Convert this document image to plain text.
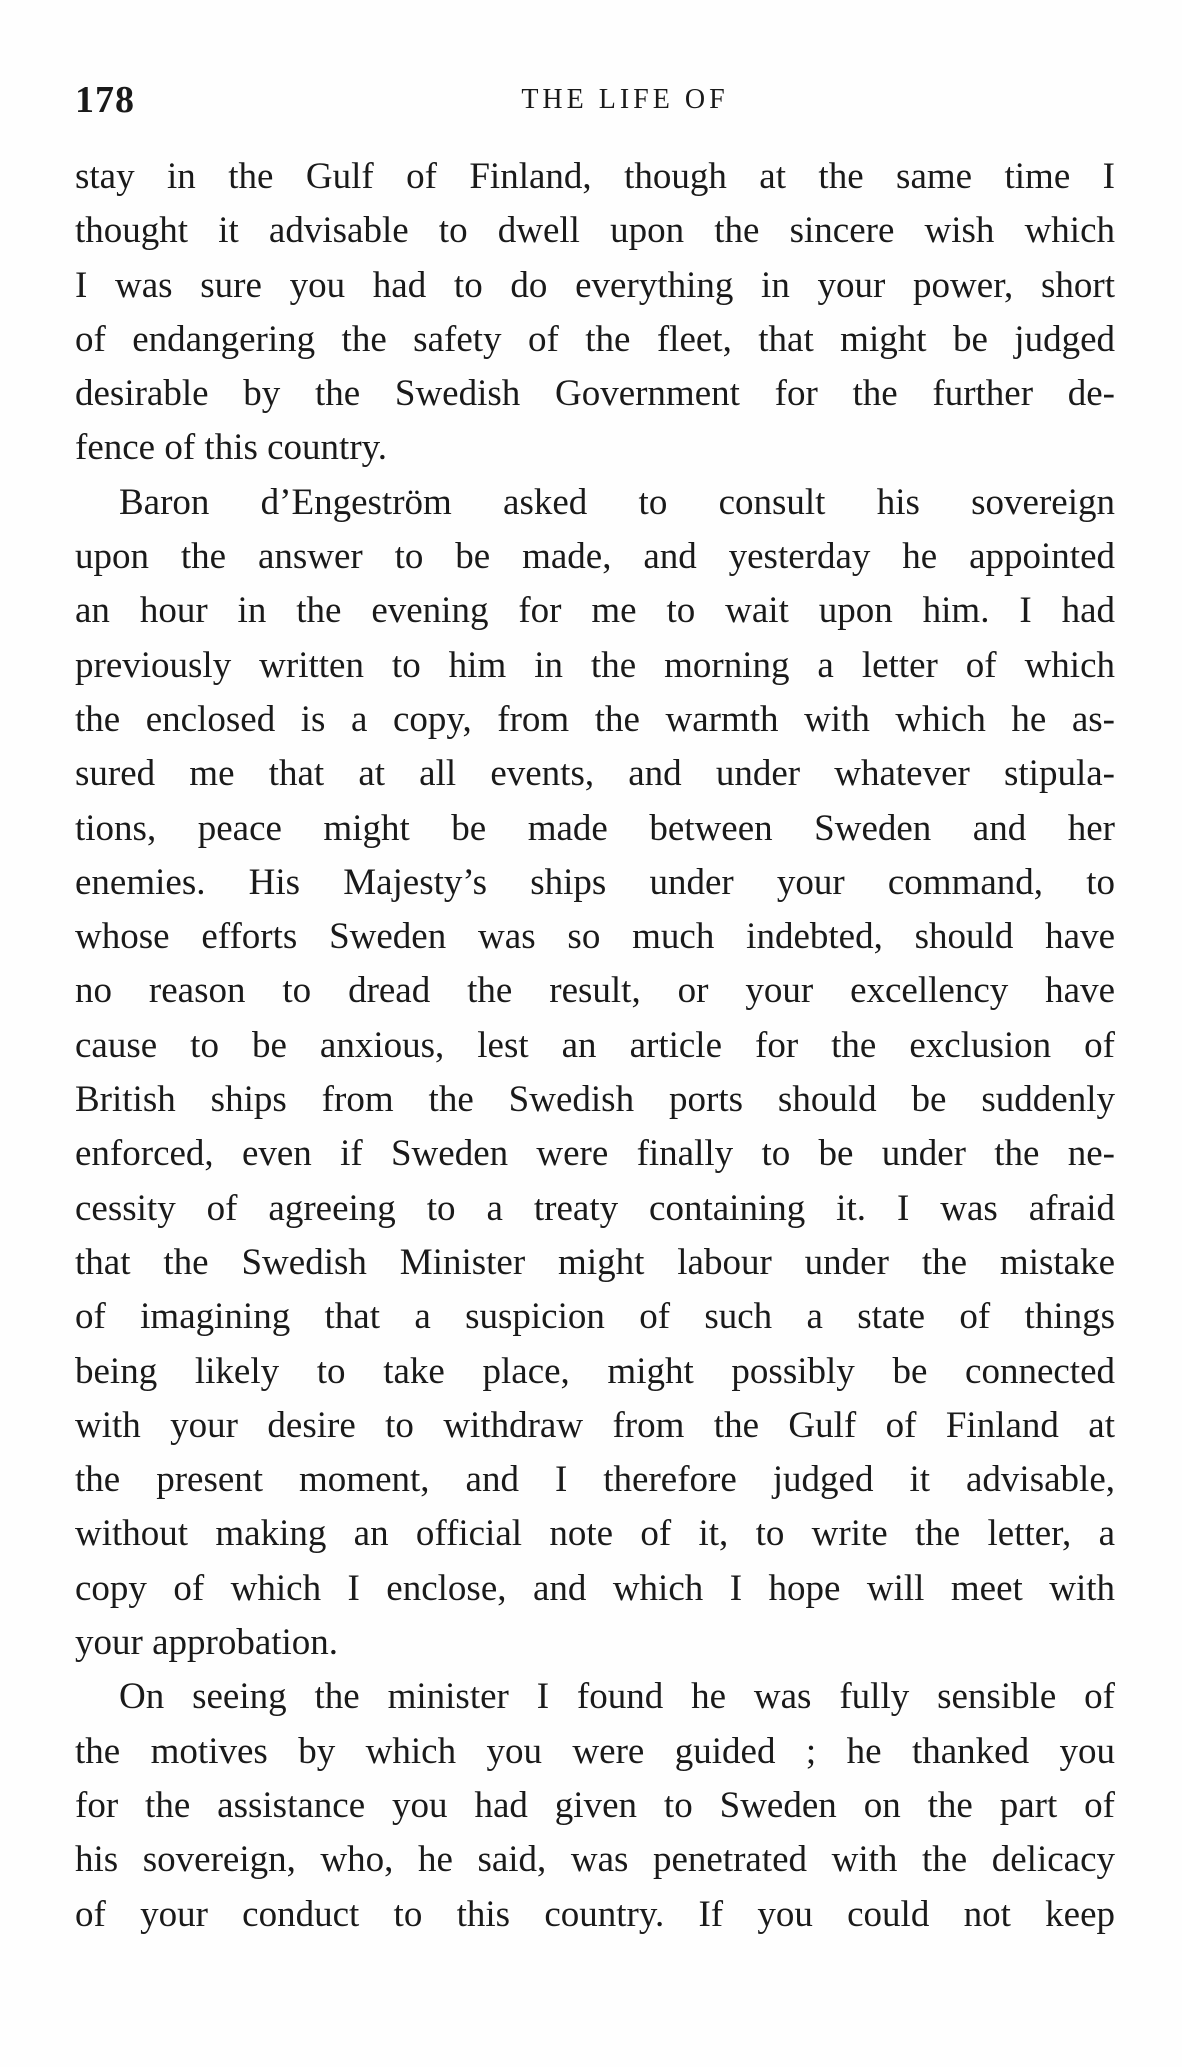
178	THE LIFE OF
stay in the Gulf of Finland, though at the same time I
thought it advisable to dwell upon the sincere wish which
I was sure you had to do everything in your power, short
of endangering the safety of the fleet, that might be judged
desirable by the Swedish Government for the further de-
fence of this country.
Baron d’Engeström asked to consult his sovereign
upon the answer to be made, and yesterday he appointed
an hour in the evening for me to wait upon him. I had
previously written to him in the morning a letter of which
the enclosed is a copy, from the warmth with which he as-
sured me that at all events, and under whatever stipula-
tions, peace might be made between Sweden and her
enemies. His Majesty’s ships under your command, to
whose efforts Sweden was so much indebted, should have
no reason to dread the result, or your excellency have
cause to be anxious, lest an article for the exclusion of
British ships from the Swedish ports should be suddenly
enforced, even if Sweden were finally to be under the ne-
cessity of agreeing to a treaty containing it. I was afraid
that the Swedish Minister might labour under the mistake
of imagining that a suspicion of such a state of things
being likely to take place, might possibly be connected
with your desire to withdraw from the Gulf of Finland at
the present moment, and I therefore judged it advisable,
without making an official note of it, to write the letter, a
copy of which I enclose, and which I hope will meet with
your approbation.
On seeing the minister I found he was fully sensible of
the motives by which you were guided ; he thanked you
for the assistance you had given to Sweden on the part of
his sovereign, who, he said, was penetrated with the delicacy
of your conduct to this country. If you could not keep
